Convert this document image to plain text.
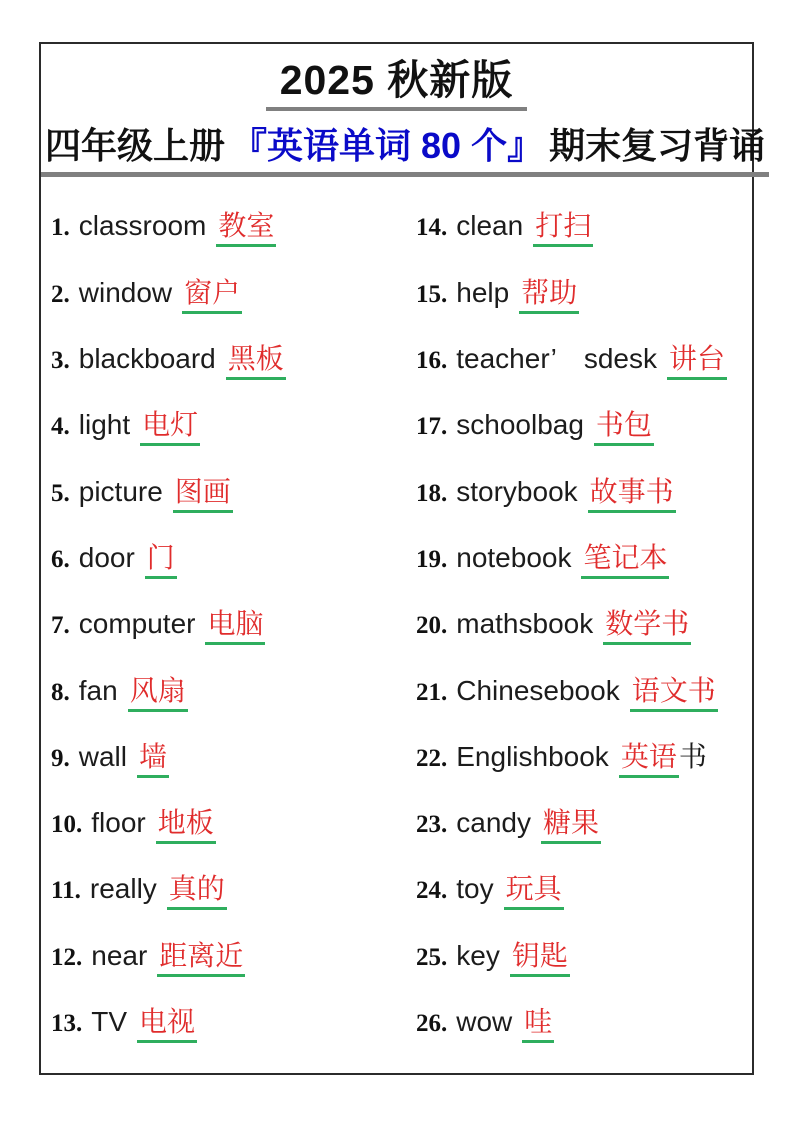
2025 秋新版
四年级上册 『英语单词 80 个』 期末复习背诵
1. classroom 教室
2. window 窗户
3. blackboard 黑板
4. light 电灯
5. picture 图画
6. door 门
7. computer 电脑
8. fan 风扇
9. wall 墙
10. floor 地板
11. really 真的
12. near 距离近
13. TV 电视
14. clean 打扫
15. help 帮助
16. teacher’　sdesk 讲台
17. schoolbag 书包
18. storybook 故事书
19. notebook 笔记本
20. mathsbook 数学书
21. Chinesebook 语文书
22. Englishbook 英语书
23. candy 糖果
24. toy 玩具
25. key 钥匙
26. wow 哇
